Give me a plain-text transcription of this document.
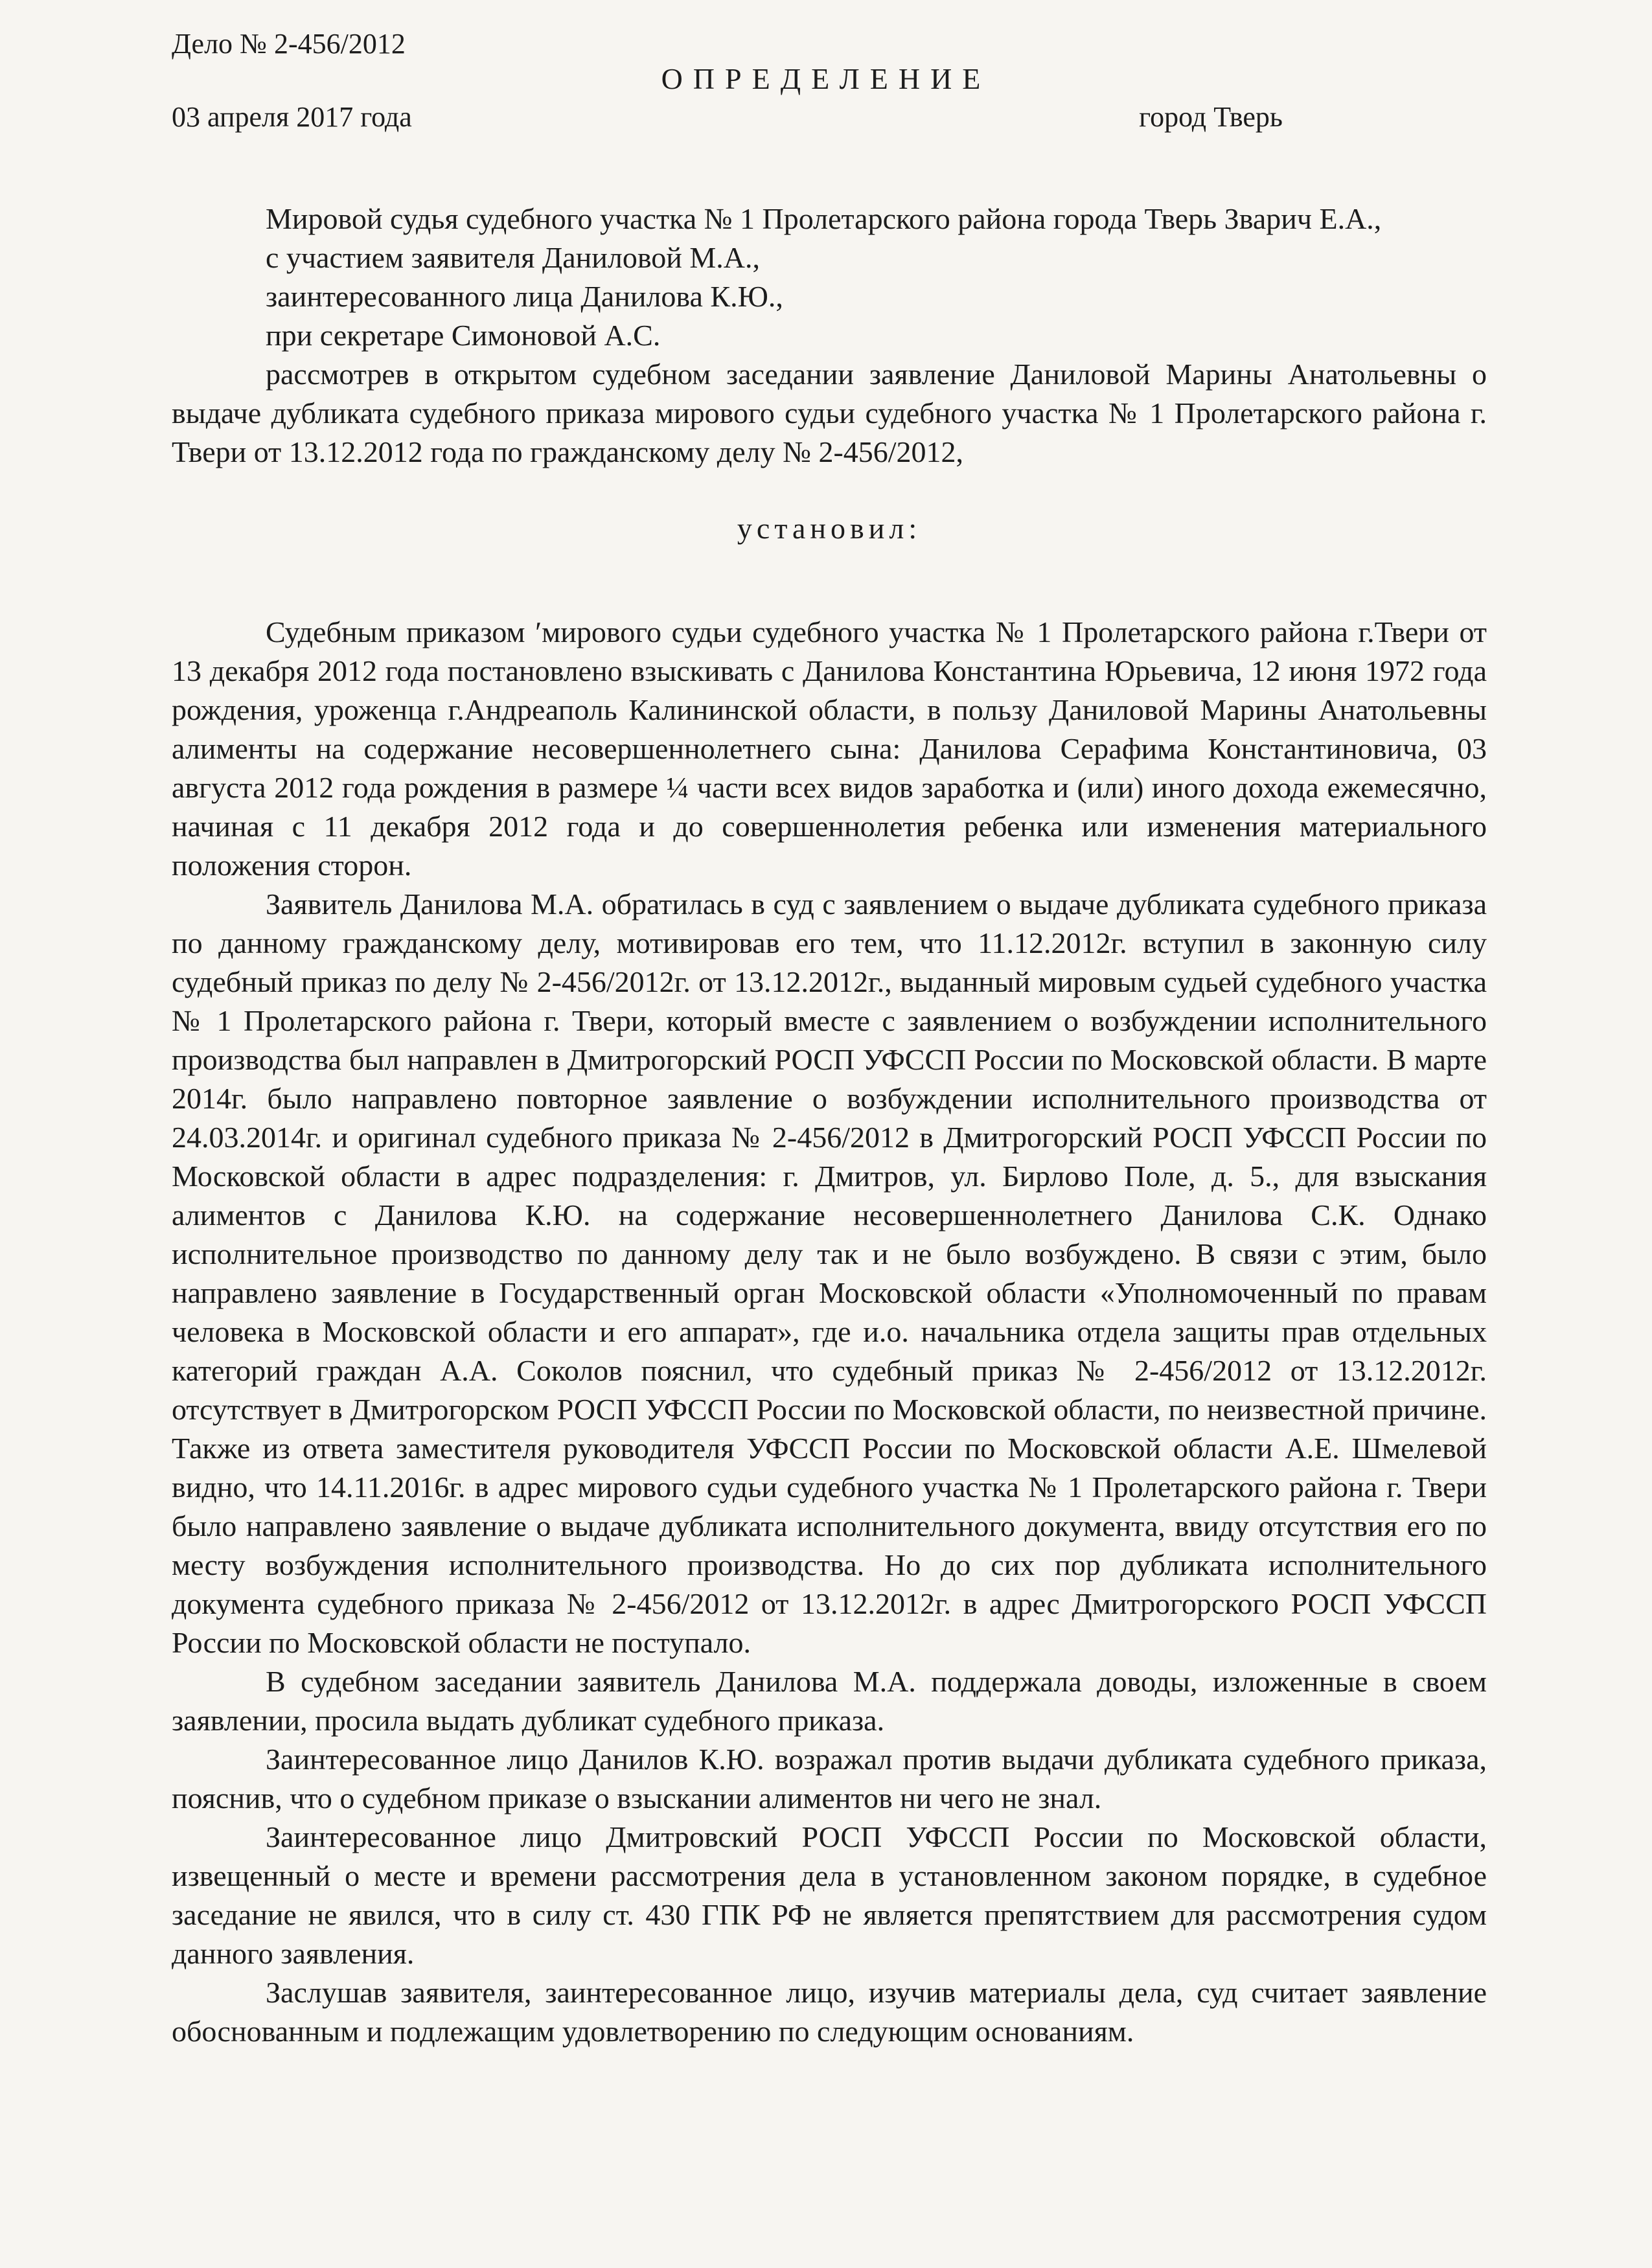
Дело № 2-456/2012
ОПРЕДЕЛЕНИЕ
03 апреля 2017 года	город Тверь

Мировой судья судебного участка № 1 Пролетарского района города Тверь Зварич Е.А.,

с участием заявителя Даниловой М.А.,

заинтересованного лица Данилова К.Ю.,

при секретаре Симоновой А.С.

рассмотрев в открытом судебном заседании заявление Даниловой Марины Анатольевны о выдаче дубликата судебного приказа мирового судьи судебного участка № 1 Пролетарского района г. Твери от 13.12.2012 года по гражданскому делу № 2-456/2012,

установил:

Судебным приказом ʹмирового судьи судебного участка № 1 Пролетарского района г.Твери от 13 декабря 2012 года постановлено взыскивать с Данилова Константина Юрьевича, 12 июня 1972 года рождения, уроженца г.Андреаполь Калининской области, в пользу Даниловой Марины Анатольевны алименты на содержание несовершеннолетнего сына: Данилова Серафима Константиновича, 03 августа 2012 года рождения в размере ¼ части всех видов заработка и (или) иного дохода ежемесячно, начиная с 11 декабря 2012 года и до совершеннолетия ребенка или изменения материального положения сторон.

Заявитель Данилова М.А. обратилась в суд с заявлением о выдаче дубликата судебного приказа по данному гражданскому делу, мотивировав его тем, что 11.12.2012г. вступил в законную силу судебный приказ по делу № 2-456/2012г. от 13.12.2012г., выданный мировым судьей судебного участка № 1 Пролетарского района г. Твери, который вместе с заявлением о возбуждении исполнительного производства был направлен в Дмитрогорский РОСП УФССП России по Московской области. В марте 2014г. было направлено повторное заявление о возбуждении исполнительного производства от 24.03.2014г. и оригинал судебного приказа № 2-456/2012 в Дмитрогорский РОСП УФССП России по Московской области в адрес подразделения: г. Дмитров, ул. Бирлово Поле, д. 5., для взыскания алиментов с Данилова К.Ю. на содержание несовершеннолетнего Данилова С.К. Однако исполнительное производство по данному делу так и не было возбуждено. В связи с этим, было направлено заявление в Государственный орган Московской области «Уполномоченный по правам человека в Московской области и его аппарат», где и.о. начальника отдела защиты прав отдельных категорий граждан А.А. Соколов пояснил, что судебный приказ № 2-456/2012 от 13.12.2012г. отсутствует в Дмитрогорском РОСП УФССП России по Московской области, по неизвестной причине. Также из ответа заместителя руководителя УФССП России по Московской области А.Е. Шмелевой видно, что 14.11.2016г. в адрес мирового судьи судебного участка № 1 Пролетарского района г. Твери было направлено заявление о выдаче дубликата исполнительного документа, ввиду отсутствия его по месту возбуждения исполнительного производства. Но до сих пор дубликата исполнительного документа судебного приказа № 2-456/2012 от 13.12.2012г. в адрес Дмитрогорского РОСП УФССП России по Московской области не поступало.

В судебном заседании заявитель Данилова М.А. поддержала доводы, изложенные в своем заявлении, просила выдать дубликат судебного приказа.

Заинтересованное лицо Данилов К.Ю. возражал против выдачи дубликата судебного приказа, пояснив, что о судебном приказе о взыскании алиментов ни чего не знал.

Заинтересованное лицо Дмитровский РОСП УФССП России по Московской области, извещенный о месте и времени рассмотрения дела в установленном законом порядке, в судебное заседание не явился, что в силу ст. 430 ГПК РФ не является препятствием для рассмотрения судом данного заявления.

Заслушав заявителя, заинтересованное лицо, изучив материалы дела, суд считает заявление обоснованным и подлежащим удовлетворению по следующим основаниям.
